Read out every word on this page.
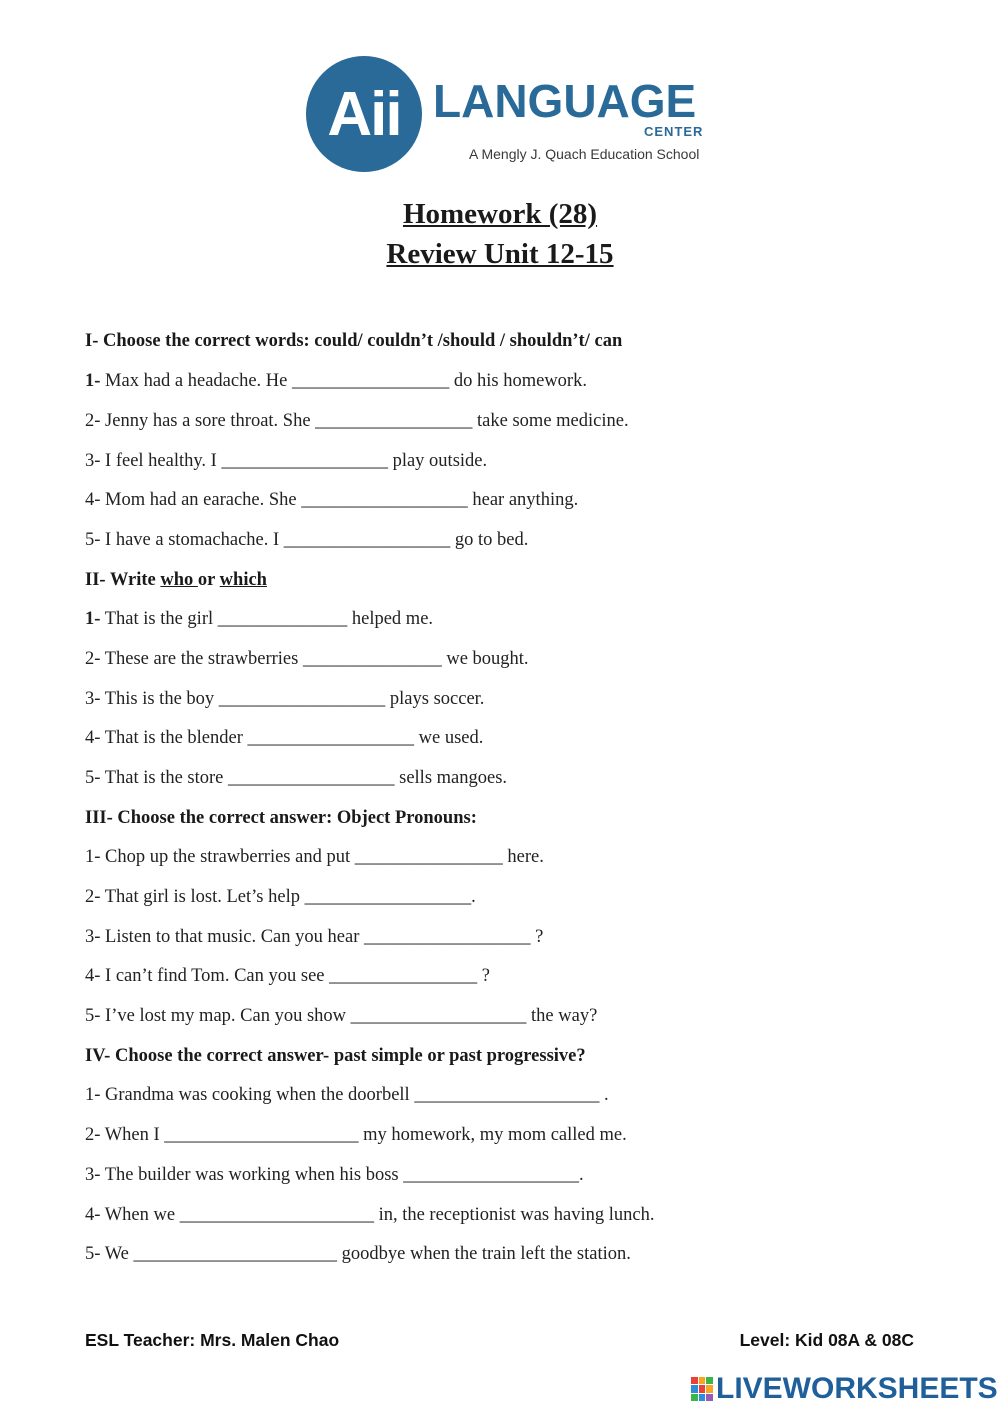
Aii LANGUAGE
CENTER
A Mengly J. Quach Education School
Homework (28)
Review Unit 12-15
I- Choose the correct words: could/ couldn’t /should / shouldn’t/ can
1- Max had a headache. He _________________ do his homework.
2- Jenny has a sore throat. She _________________ take some medicine.
3- I feel healthy. I __________________ play outside.
4- Mom had an earache. She __________________ hear anything.
5- I have a stomachache. I __________________ go to bed.
II- Write who or which
1- That is the girl ______________ helped me.
2- These are the strawberries _______________ we bought.
3- This is the boy __________________ plays soccer.
4- That is the blender __________________ we used.
5- That is the store __________________ sells mangoes.
III- Choose the correct answer: Object Pronouns:
1- Chop up the strawberries and put ________________ here.
2- That girl is lost. Let’s help __________________.
3- Listen to that music. Can you hear __________________ ?
4- I can’t find Tom. Can you see ________________ ?
5- I’ve lost my map. Can you show ___________________ the way?
IV- Choose the correct answer- past simple or past progressive?
1- Grandma was cooking when the doorbell ____________________ .
2- When I _____________________ my homework, my mom called me.
3- The builder was working when his boss ___________________.
4- When we _____________________ in, the receptionist was having lunch.
5- We ______________________ goodbye when the train left the station.
ESL Teacher: Mrs. Malen Chao	Level: Kid 08A & 08C
LIVEWORKSHEETS
